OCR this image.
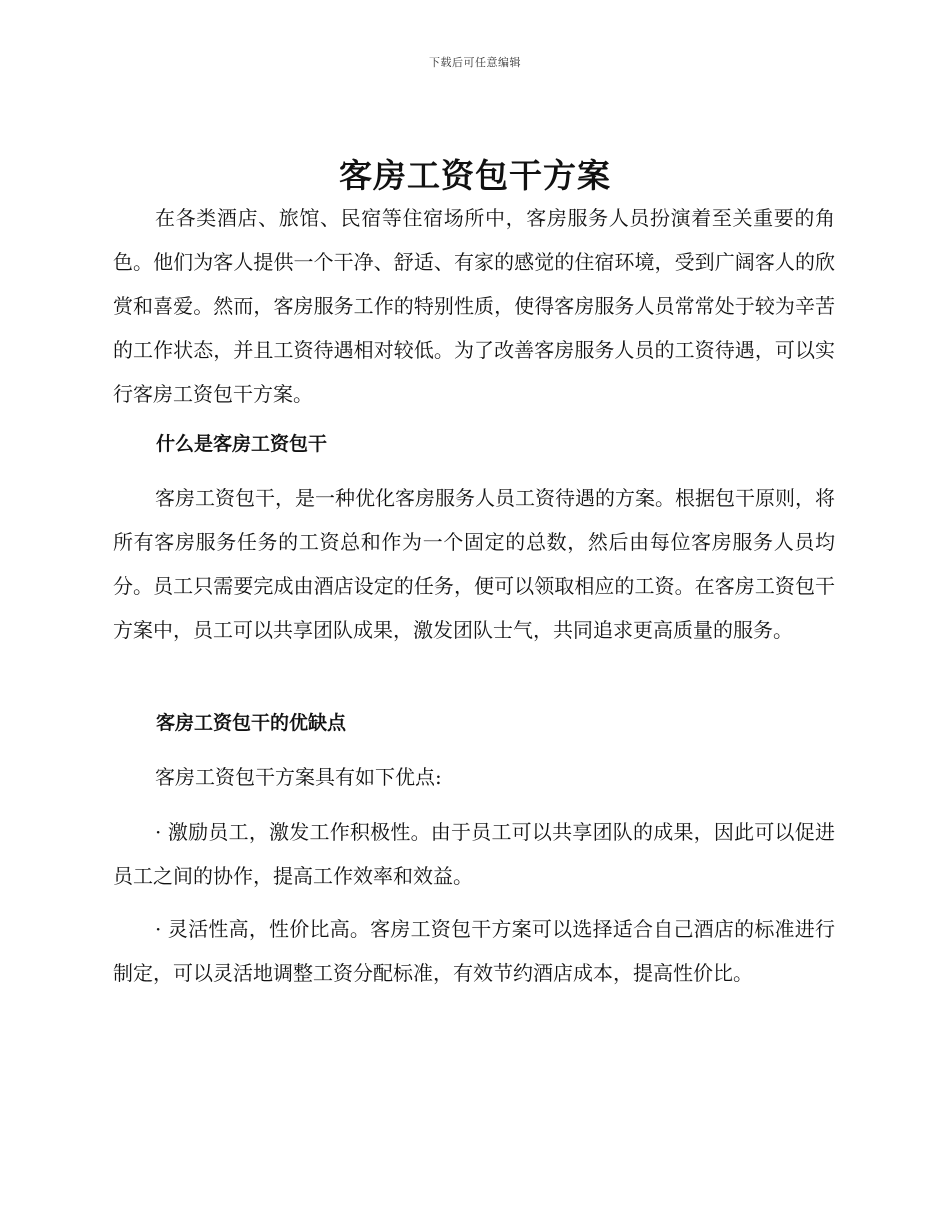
下载后可任意编辑
客房工资包干方案

在各类酒店、旅馆、民宿等住宿场所中，客房服务人员扮演着至关重要的角色。他们为客人提供一个干净、舒适、有家的感觉的住宿环境，受到广阔客人的欣赏和喜爱。然而，客房服务工作的特别性质，使得客房服务人员常常处于较为辛苦的工作状态，并且工资待遇相对较低。为了改善客房服务人员的工资待遇，可以实行客房工资包干方案。

什么是客房工资包干

客房工资包干，是一种优化客房服务人员工资待遇的方案。根据包干原则，将所有客房服务任务的工资总和作为一个固定的总数，然后由每位客房服务人员均分。员工只需要完成由酒店设定的任务，便可以领取相应的工资。在客房工资包干方案中，员工可以共享团队成果，激发团队士气，共同追求更高质量的服务。

客房工资包干的优缺点

客房工资包干方案具有如下优点:

· 激励员工，激发工作积极性。由于员工可以共享团队的成果，因此可以促进员工之间的协作，提高工作效率和效益。

· 灵活性高，性价比高。客房工资包干方案可以选择适合自己酒店的标准进行制定，可以灵活地调整工资分配标准，有效节约酒店成本，提高性价比。
